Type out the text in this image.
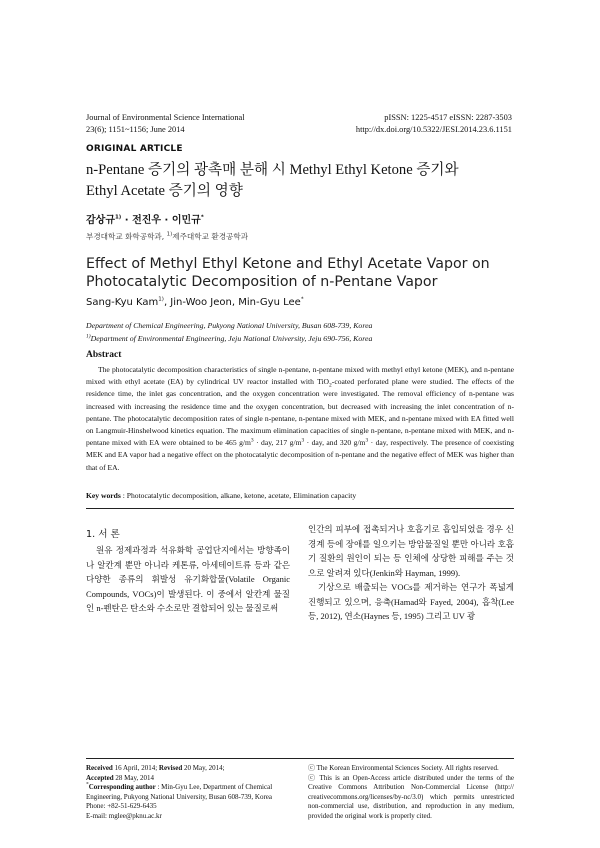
Journal of Environmental Science International
23(6); 1151~1156; June 2014
pISSN: 1225-4517 eISSN: 2287-3503
http://dx.doi.org/10.5322/JESI.2014.23.6.1151
ORIGINAL ARTICLE
n-Pentane 증기의 광촉매 분해 시 Methyl Ethyl Ketone 증기와
Ethyl Acetate 증기의 영향
감상규$^{1)}$ · 전진우 · 이민규*
부경대학교 화학공학과, $^{1)}$제주대학교 환경공학과
Effect of Methyl Ethyl Ketone and Ethyl Acetate Vapor on
Photocatalytic Decomposition of n-Pentane Vapor
Sang-Kyu Kam$^{1)}$, Jin-Woo Jeon, Min-Gyu Lee*
Department of Chemical Engineering, Pukyong National University, Busan 608-739, Korea
$^{1)}$Department of Environmental Engineering, Jeju National University, Jeju 690-756, Korea
Abstract

The photocatalytic decomposition characteristics of single n-pentane, n-pentane mixed with methyl ethyl ketone (MEK), and n-pentane mixed with ethyl acetate (EA) by cylindrical UV reactor installed with TiO$_2$-coated perforated plane were studied. The effects of the residence time, the inlet gas concentration, and the oxygen concentration were investigated. The removal efficiency of n-pentane was increased with increasing the residence time and the oxygen concentration, but decreased with increasing the inlet concentration of n-pentane. The photocatalytic decomposition rates of single n-pentane, n-pentane mixed with MEK, and n-pentane mixed with EA fitted well on Langmuir-Hinshelwood kinetics equation. The maximum elimination capacities of single n-pentane, n-pentane mixed with MEK, and n-pentane mixed with EA were obtained to be 465 $g/m^3$ · day, 217 $g/m^3$ · day, and 320 $g/m^3$ · day, respectively. The presence of coexisting MEK and EA vapor had a negative effect on the photocatalytic decomposition of n-pentane and the negative effect of MEK was higher than that of EA.

Key words : Photocatalytic decomposition, alkane, ketone, acetate, Elimination capacity
1. 서 론

원유 정제과정과 석유화학 공업단지에서는 방향족이나 알칸계 뿐만 아니라 케톤류, 아세테이트류 등과 같은 다양한 종류의 휘발성 유기화합물(Volatile Organic Compounds, VOCs)이 발생된다. 이 중에서 알칸계 물질인 n-펜탄은 탄소와 수소로만 결합되어 있는 물질로써

인간의 피부에 접촉되거나 호흡기로 흡입되었을 경우 신경계 등에 장애를 일으키는 방암물질일 뿐만 아니라 호흡기 질환의 원인이 되는 등 인체에 상당한 피해를 주는 것으로 알려져 있다(Jenkin와 Hayman, 1999).

기상으로 배출되는 VOCs를 제거하는 연구가 폭넓게 진행되고 있으며, 응축(Hamad와 Fayed, 2004), 흡착(Lee 등, 2012), 연소(Haynes 등, 1995) 그리고 UV 광

Received 16 April, 2014; Revised 20 May, 2014;
Accepted 28 May, 2014
*Corresponding author : Min-Gyu Lee, Department of Chemical Engineering, Pukyong National University, Busan 608-739, Korea
Phone: +82-51-629-6435
E-mail: mglee@pknu.ac.kr
ⓒ The Korean Environmental Sciences Society. All rights reserved.
ⓒ This is an Open-Access article distributed under the terms of the Creative Commons Attribution Non-Commercial License (http:// creativecommons.org/licenses/by-nc/3.0) which permits unrestricted non-commercial use, distribution, and reproduction in any medium, provided the original work is properly cited.
